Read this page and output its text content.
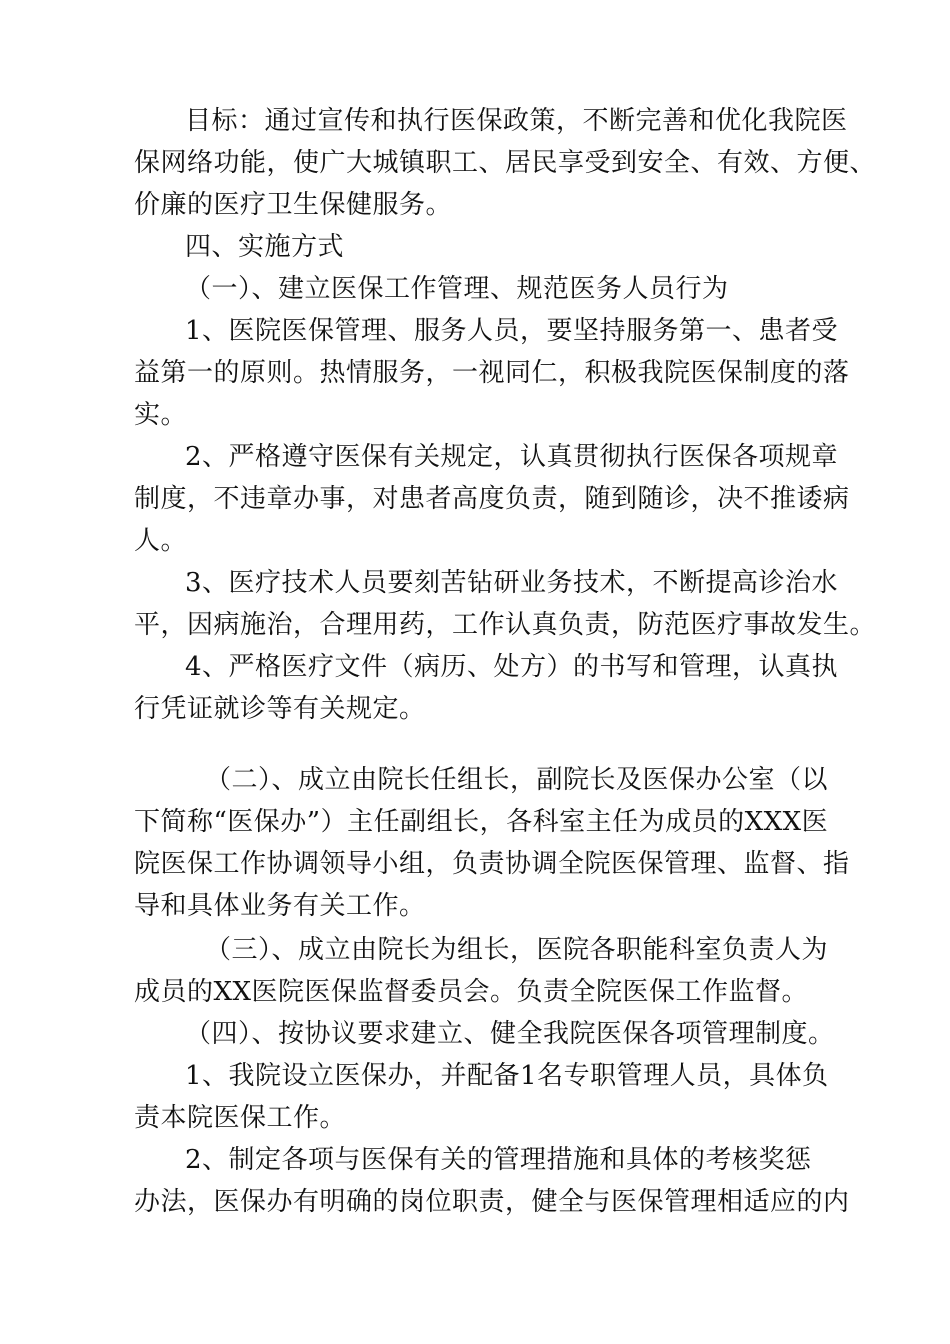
目标：通过宣传和执行医保政策，不断完善和优化我院医
保网络功能，使广大城镇职工、居民享受到安全、有效、方便、
价廉的医疗卫生保健服务。
四、实施方式
（一）、建立医保工作管理、规范医务人员行为
1、医院医保管理、服务人员，要坚持服务第一、患者受
益第一的原则。热情服务，一视同仁，积极我院医保制度的落
实。
2、严格遵守医保有关规定，认真贯彻执行医保各项规章
制度，不违章办事，对患者高度负责，随到随诊，决不推诿病
人。
3、医疗技术人员要刻苦钻研业务技术，不断提高诊治水
平，因病施治，合理用药，工作认真负责，防范医疗事故发生。
4、严格医疗文件（病历、处方）的书写和管理，认真执
行凭证就诊等有关规定。
（二）、成立由院长任组长，副院长及医保办公室（以
下简称“医保办”）主任副组长，各科室主任为成员的XXX医
院医保工作协调领导小组，负责协调全院医保管理、监督、指
导和具体业务有关工作。
（三）、成立由院长为组长，医院各职能科室负责人为
成员的XX医院医保监督委员会。负责全院医保工作监督。
（四）、按协议要求建立、健全我院医保各项管理制度。
1、我院设立医保办，并配备1名专职管理人员，具体负
责本院医保工作。
2、制定各项与医保有关的管理措施和具体的考核奖惩
办法，医保办有明确的岗位职责，健全与医保管理相适应的内
